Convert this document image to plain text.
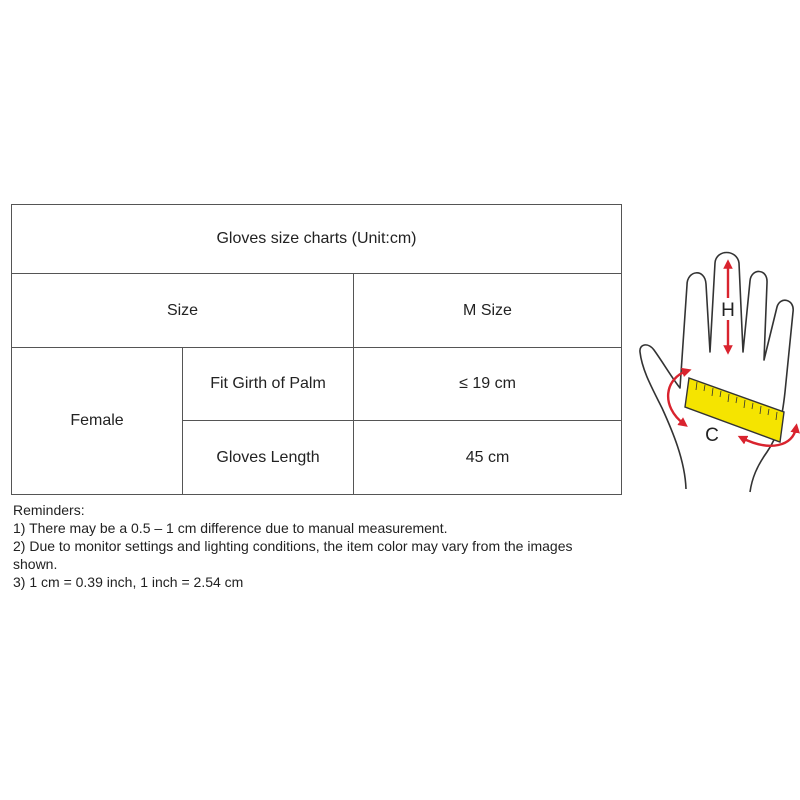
Gloves size charts (Unit:cm)		
Size		M Size
Female	Fit Girth of Palm	≤ 19 cm
	Gloves Length	45 cm
Reminders:
1) There may be a 0.5 – 1 cm difference due to manual measurement.
2) Due to monitor settings and lighting conditions, the item color may vary from the images shown.
3) 1 cm = 0.39 inch, 1 inch = 2.54 cm
H
C
